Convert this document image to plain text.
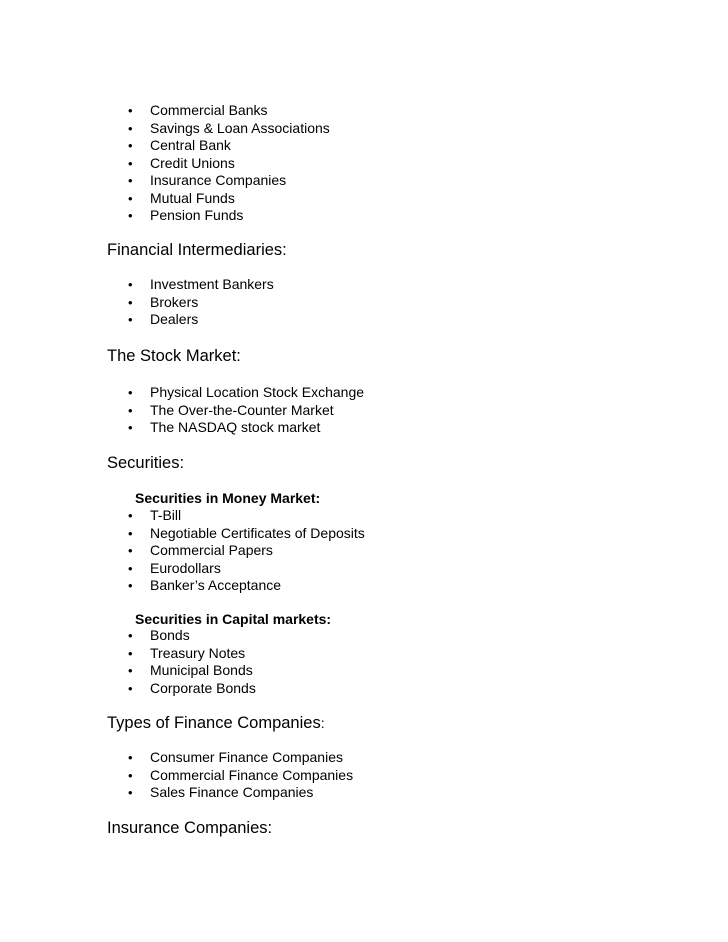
• Commercial Banks
• Savings & Loan Associations
• Central Bank
• Credit Unions
• Insurance Companies
• Mutual Funds
• Pension Funds
Financial Intermediaries:
• Investment Bankers
• Brokers
• Dealers
The Stock Market:
• Physical Location Stock Exchange
• The Over-the-Counter Market
• The NASDAQ stock market
Securities:
Securities in Money Market:
• T-Bill
• Negotiable Certificates of Deposits
• Commercial Papers
• Eurodollars
• Banker’s Acceptance
Securities in Capital markets:
• Bonds
• Treasury Notes
• Municipal Bonds
• Corporate Bonds
Types of Finance Companies:
• Consumer Finance Companies
• Commercial Finance Companies
• Sales Finance Companies
Insurance Companies:
